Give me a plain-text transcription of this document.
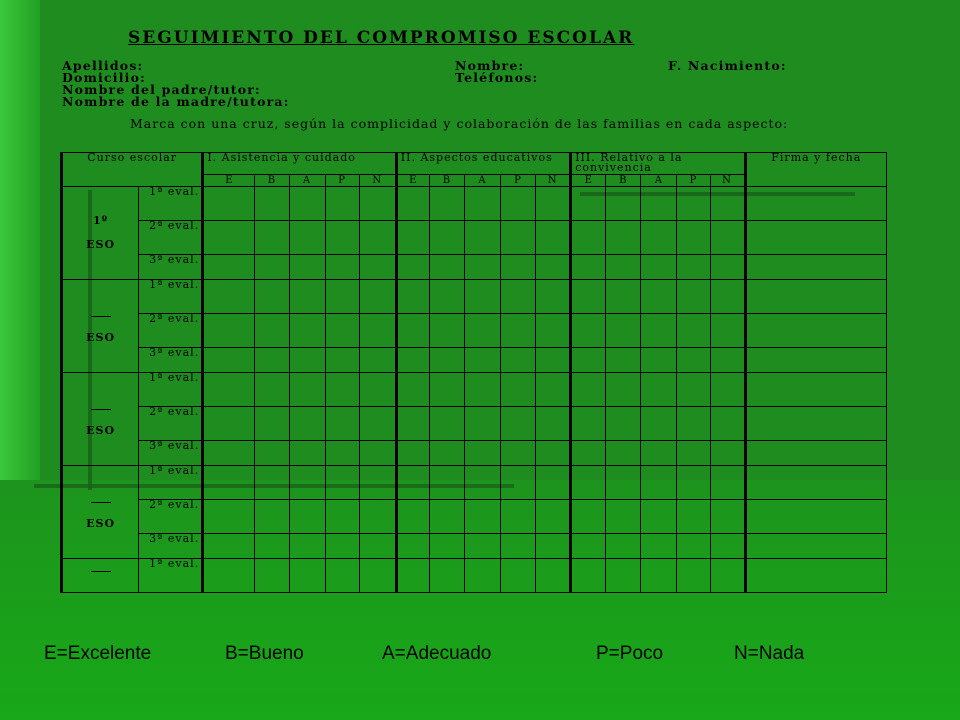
SEGUIMIENTO DEL COMPROMISO ESCOLAR
Apellidos:	Nombre:	F. Nacimiento:
Domicilio:	Teléfonos:
Nombre del padre/tutor:
Nombre de la madre/tutora:
Marca con una cruz, según la complicidad y colaboración de las familias en cada aspecto:
Curso escolar		I. Asistencia y cuidado					II. Aspectos educativos					III. Relativo a la convivencia					Firma y fecha
		E	B	A	P	N	E	B	A	P	N	E	B	A	P	N	

1º
ESO	1ª eval.																
	2ª eval.																
	3ª eval.																

ESO	1ª eval.																
	2ª eval.																
	3ª eval.																

ESO	1ª eval.																
	2ª eval.																
	3ª eval.																

ESO	1ª eval.																
	2ª eval.																
	3ª eval.																

	1ª eval.																
E=Excelente	B=Bueno	A=Adecuado	P=Poco	N=Nada
